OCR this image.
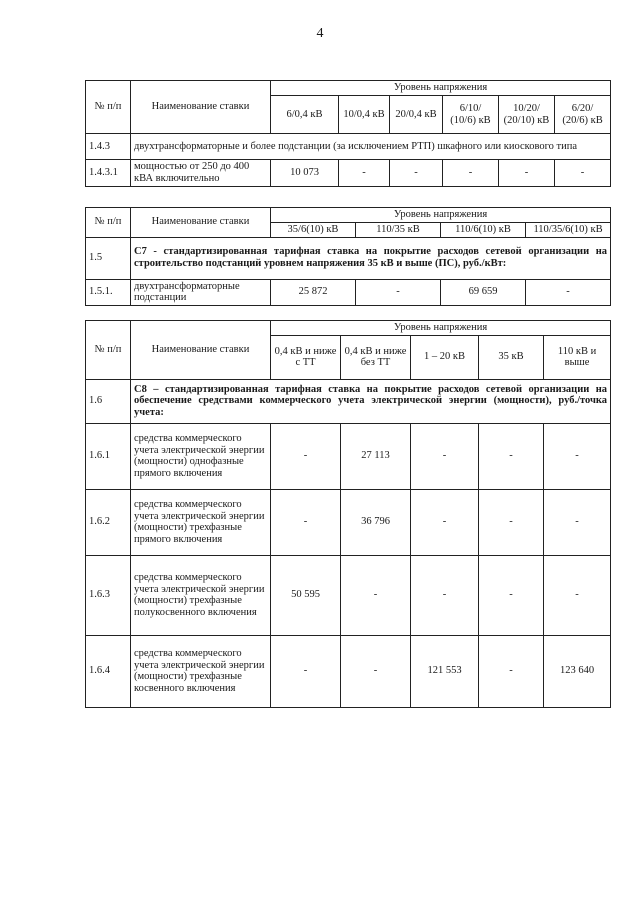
4
№ п/п	Наименование ставки	Уровень напряжения					
		6/0,4 кВ	10/0,4 кВ	20/0,4 кВ	6/10/ (10/6) кВ	10/20/ (20/10) кВ	6/20/ (20/6) кВ
1.4.3	двухтрансформаторные и более подстанции (за исключением РТП) шкафного или киоскового типа						
1.4.3.1	мощностью от 250 до 400 кВА включительно	10 073	-	-	-	-	-
№ п/п	Наименование ставки	Уровень напряжения			
		35/6(10) кВ	110/35 кВ	110/6(10) кВ	110/35/6(10) кВ
1.5	С7 - стандартизированная тарифная ставка на покрытие расходов сетевой организации на строительство подстанций уровнем напряжения 35 кВ и выше (ПС), руб./кВт:				
1.5.1.	двухтрансформаторные подстанции	25 872	-	69 659	-
№ п/п	Наименование ставки	Уровень напряжения				
		0,4 кВ и ниже с ТТ	0,4 кВ и ниже без ТТ	1 – 20 кВ	35 кВ	110 кВ и выше
1.6	С8 – стандартизированная тарифная ставка на покрытие расходов сетевой организации на обеспечение средствами коммерческого учета электрической энергии (мощности), руб./точка учета:					
1.6.1	средства коммерческого учета электрической энергии (мощности) однофазные прямого включения	-	27 113	-	-	-
1.6.2	средства коммерческого учета электрической энергии (мощности) трехфазные прямого включения	-	36 796	-	-	-
1.6.3	средства коммерческого учета электрической энергии (мощности) трехфазные полукосвенного включения	50 595	-	-	-	-
1.6.4	средства коммерческого учета электрической энергии (мощности) трехфазные косвенного включения	-	-	121 553	-	123 640
